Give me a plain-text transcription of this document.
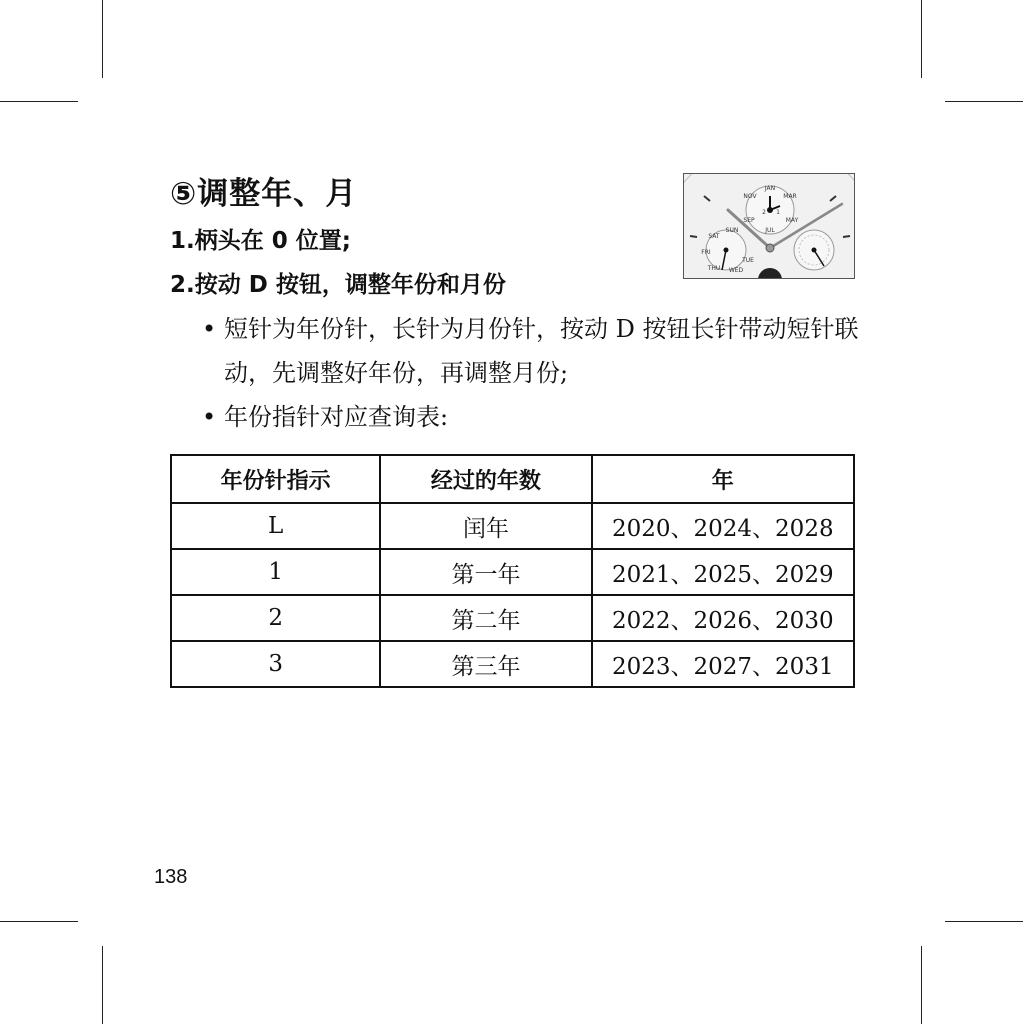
⑤调整年、月
1.柄头在 0 位置;
2.按动 D 按钮，调整年份和月份
• 短针为年份针，长针为月份针，按动 D 按钮长针带动短针联动，先调整好年份，再调整月份;
• 年份指针对应查询表:
JAN
MAR
MAY
JUL
SEP
NOV
2 1
SAT
SUN
FRI
THU WED
TUE
年份针指示	经过的年数	年
L	闰年	2020、2024、2028
1	第一年	2021、2025、2029
2	第二年	2022、2026、2030
3	第三年	2023、2027、2031
138
